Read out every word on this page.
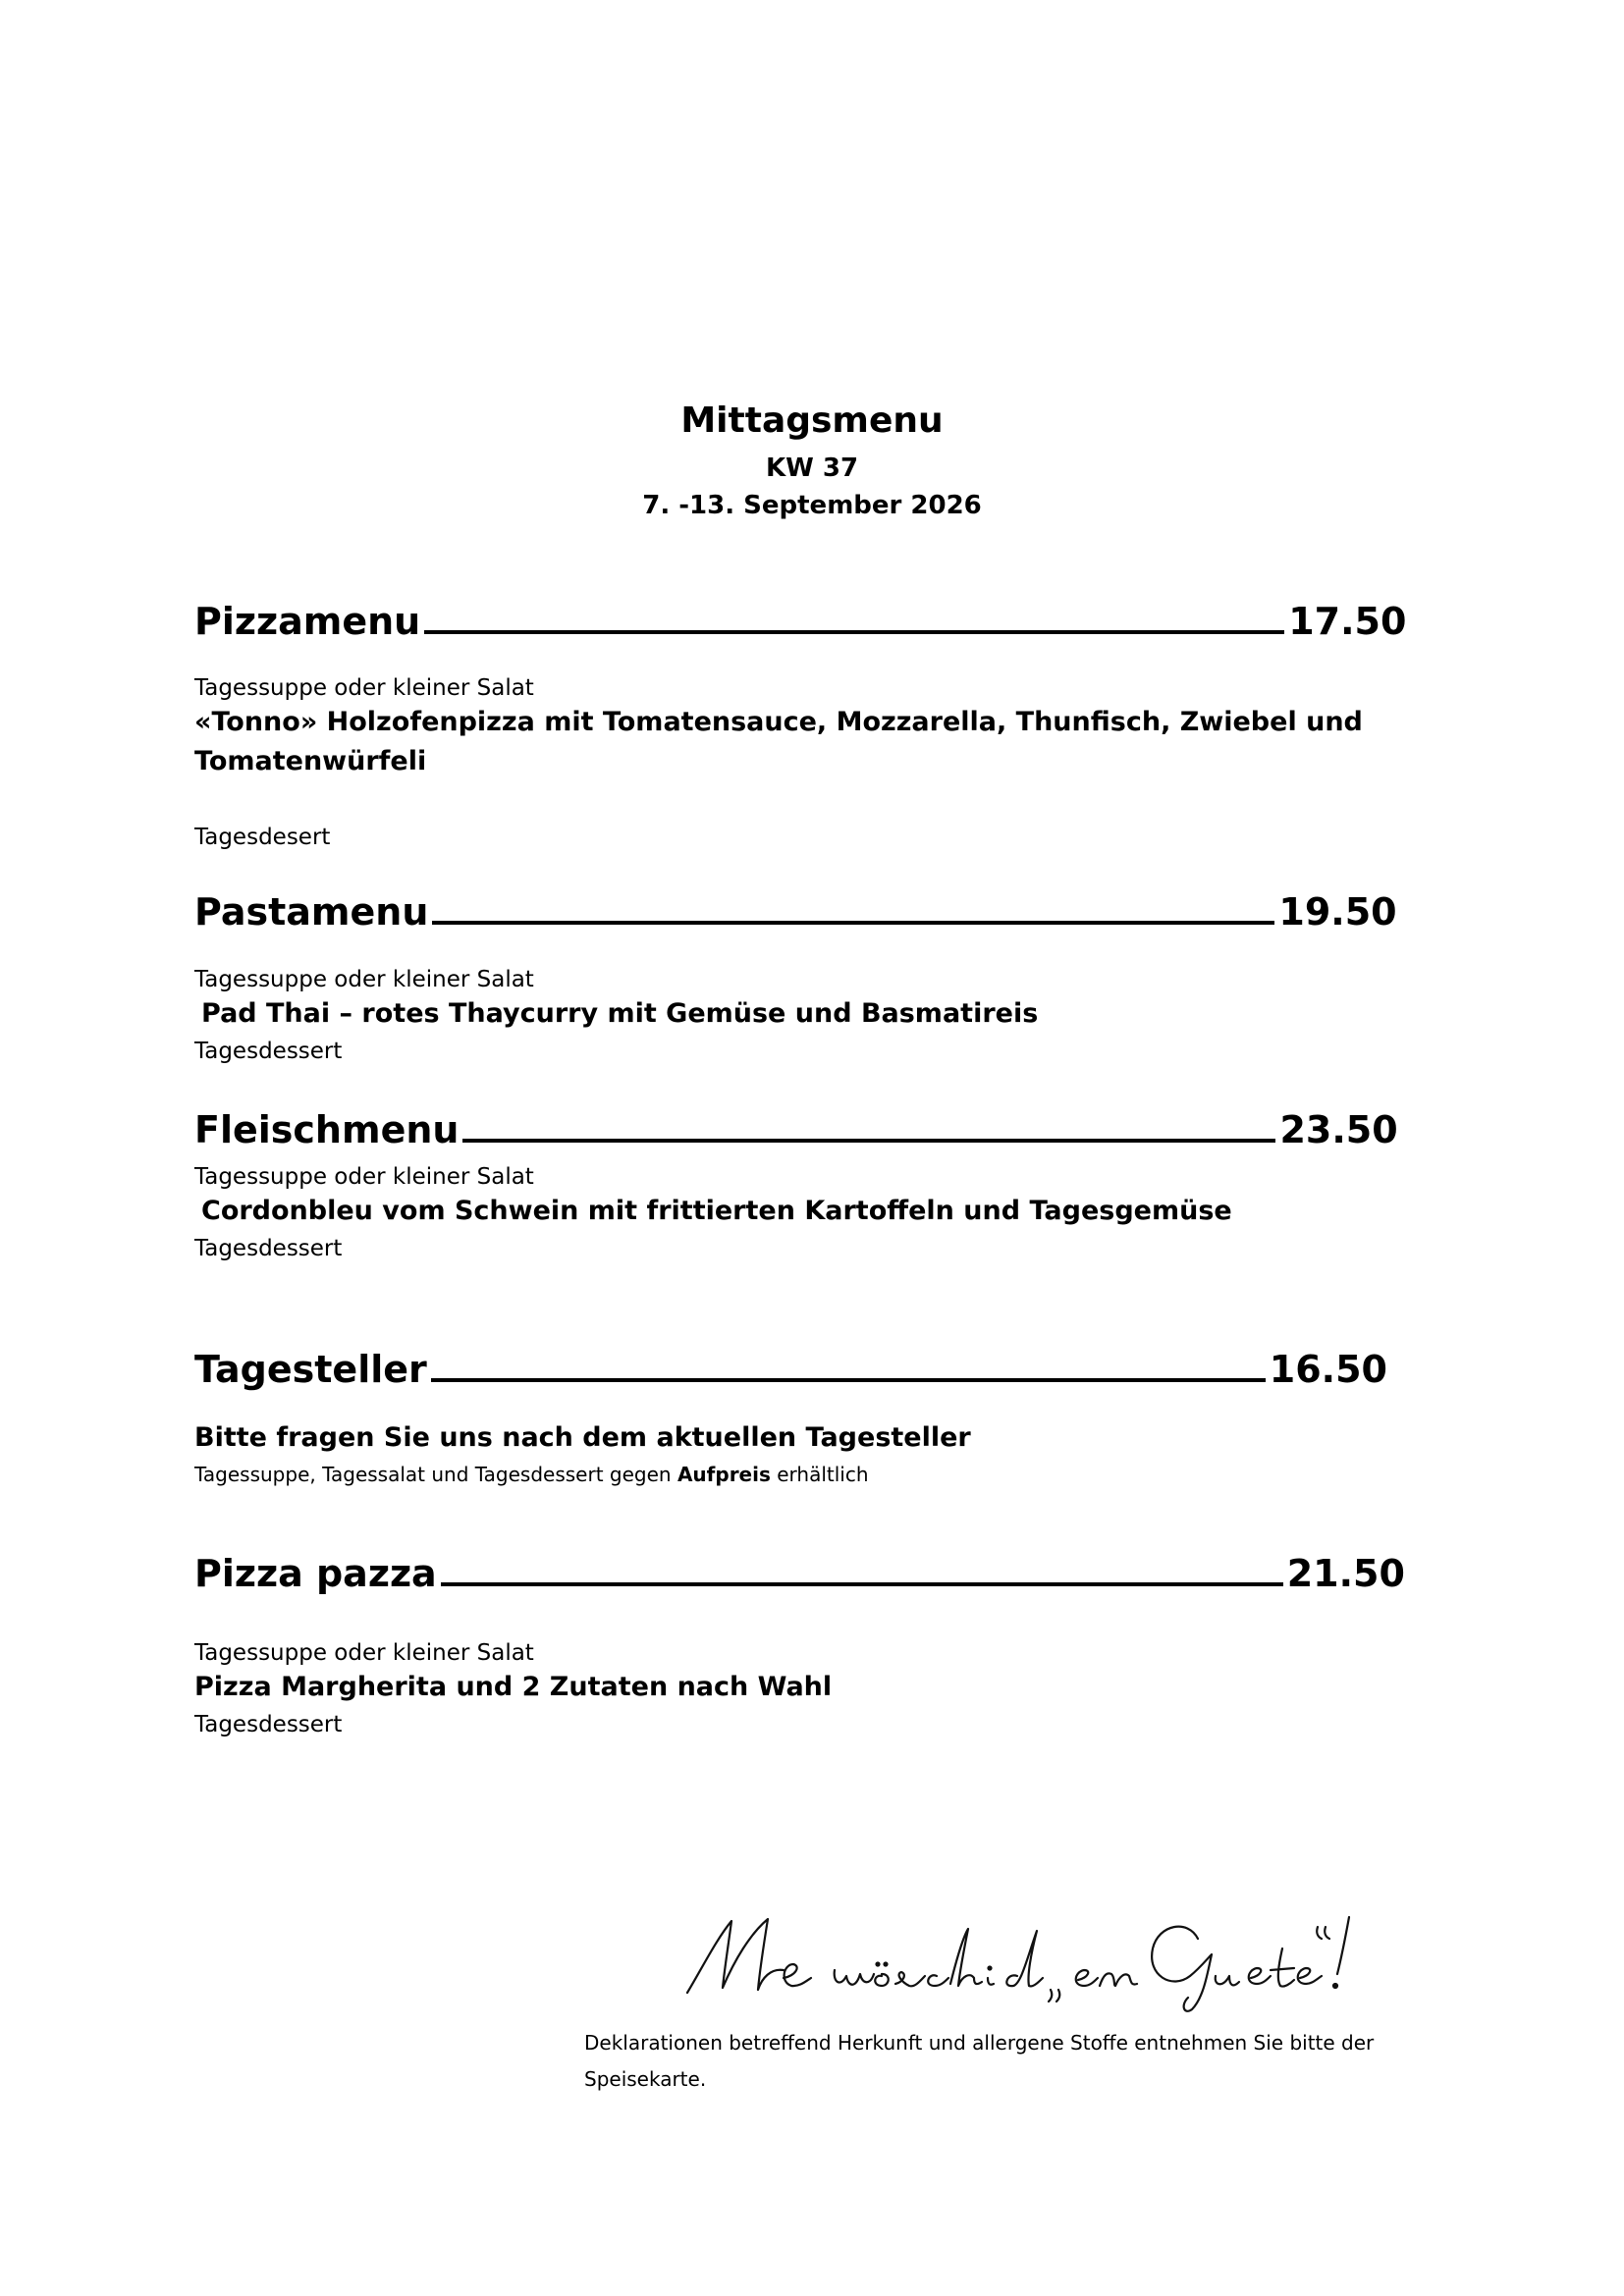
Mittagsmenu
KW 37
7. -13. September 2026
Pizzamenu	17.50
Tagessuppe oder kleiner Salat
«Tonno» Holzofenpizza mit Tomatensauce, Mozzarella, Thunfisch, Zwiebel und
Tomatenwürfeli
Tagesdesert
Pastamenu	19.50
Tagessuppe oder kleiner Salat
Pad Thai – rotes Thaycurry mit Gemüse und Basmatireis
Tagesdessert
Fleischmenu	23.50
Tagessuppe oder kleiner Salat
Cordonbleu vom Schwein mit frittierten Kartoffeln und Tagesgemüse
Tagesdessert
Tagesteller	16.50
Bitte fragen Sie uns nach dem aktuellen Tagesteller
Tagessuppe, Tagessalat und Tagesdessert gegen Aufpreis erhältlich
Pizza pazza	21.50
Tagessuppe oder kleiner Salat
Pizza Margherita und 2 Zutaten nach Wahl
Tagesdessert
Deklarationen betreffend Herkunft und allergene Stoffe entnehmen Sie bitte der Speisekarte.
